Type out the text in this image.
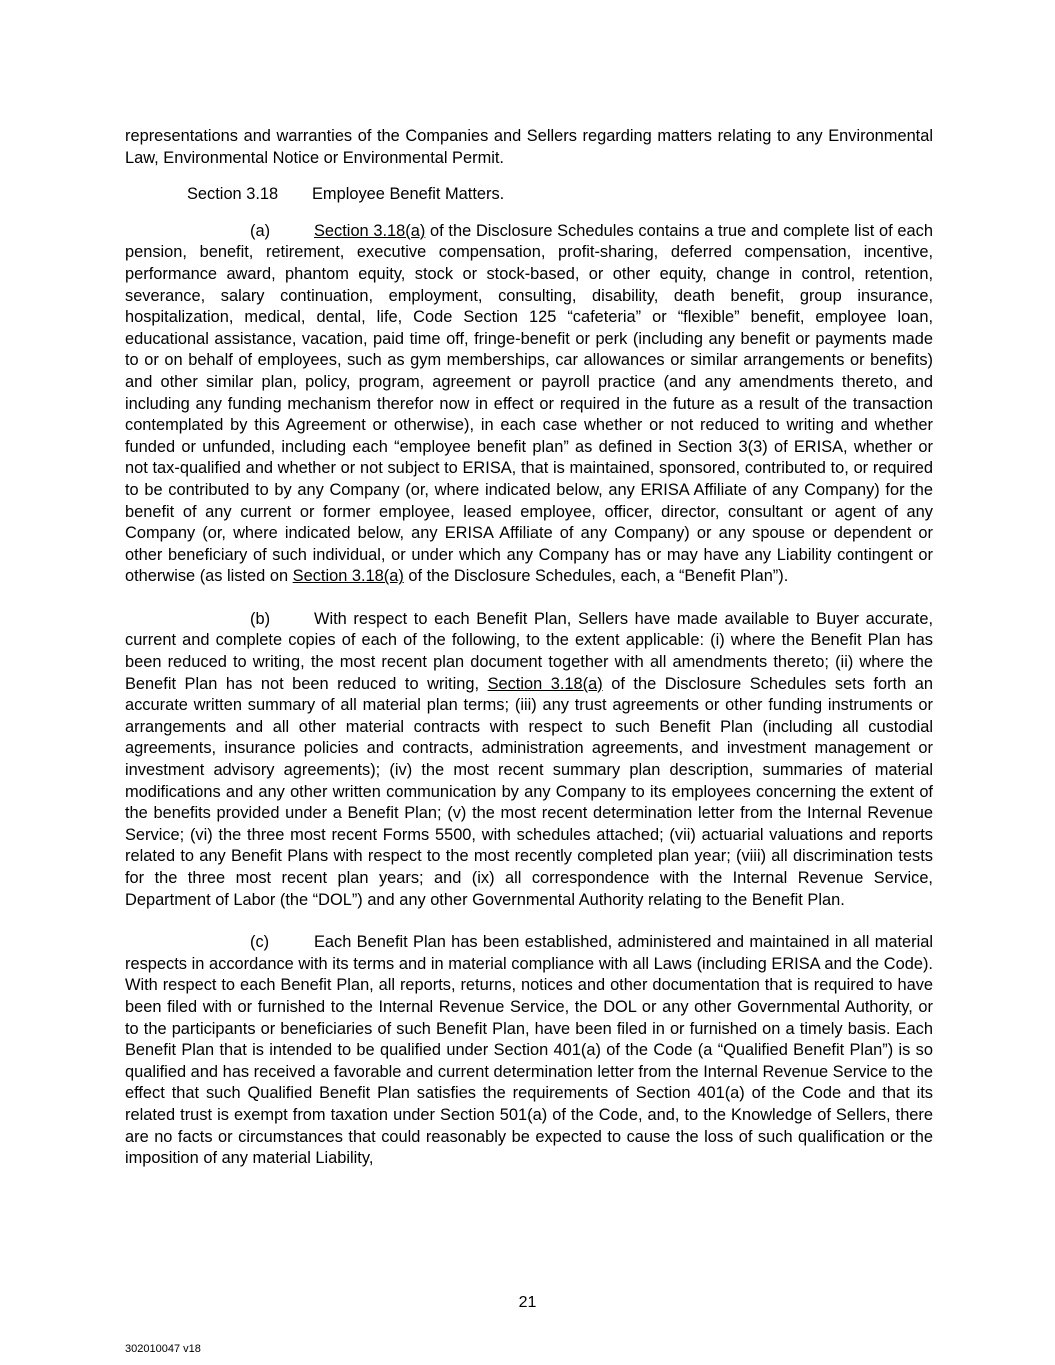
representations and warranties of the Companies and Sellers regarding matters relating to any Environmental Law, Environmental Notice or Environmental Permit.

Section 3.18 Employee Benefit Matters.

(a)	Section 3.18(a) of the Disclosure Schedules contains a true and complete list of each pension, benefit, retirement, executive compensation, profit-sharing, deferred compensation, incentive, performance award, phantom equity, stock or stock-based, or other equity, change in control, retention, severance, salary continuation, employment, consulting, disability, death benefit, group insurance, hospitalization, medical, dental, life, Code Section 125 “cafeteria” or “flexible” benefit, employee loan, educational assistance, vacation, paid time off, fringe-benefit or perk (including any benefit or payments made to or on behalf of employees, such as gym memberships, car allowances or similar arrangements or benefits) and other similar plan, policy, program, agreement or payroll practice (and any amendments thereto, and including any funding mechanism therefor now in effect or required in the future as a result of the transaction contemplated by this Agreement or otherwise), in each case whether or not reduced to writing and whether funded or unfunded, including each “employee benefit plan” as defined in Section 3(3) of ERISA, whether or not tax-qualified and whether or not subject to ERISA, that is maintained, sponsored, contributed to, or required to be contributed to by any Company (or, where indicated below, any ERISA Affiliate of any Company) for the benefit of any current or former employee, leased employee, officer, director, consultant or agent of any Company (or, where indicated below, any ERISA Affiliate of any Company) or any spouse or dependent or other beneficiary of such individual, or under which any Company has or may have any Liability contingent or otherwise (as listed on Section 3.18(a) of the Disclosure Schedules, each, a “Benefit Plan”).

(b)	With respect to each Benefit Plan, Sellers have made available to Buyer accurate, current and complete copies of each of the following, to the extent applicable: (i) where the Benefit Plan has been reduced to writing, the most recent plan document together with all amendments thereto; (ii) where the Benefit Plan has not been reduced to writing, Section 3.18(a) of the Disclosure Schedules sets forth an accurate written summary of all material plan terms; (iii) any trust agreements or other funding instruments or arrangements and all other material contracts with respect to such Benefit Plan (including all custodial agreements, insurance policies and contracts, administration agreements, and investment management or investment advisory agreements); (iv) the most recent summary plan description, summaries of material modifications and any other written communication by any Company to its employees concerning the extent of the benefits provided under a Benefit Plan; (v) the most recent determination letter from the Internal Revenue Service; (vi) the three most recent Forms 5500, with schedules attached; (vii) actuarial valuations and reports related to any Benefit Plans with respect to the most recently completed plan year; (viii) all discrimination tests for the three most recent plan years; and (ix) all correspondence with the Internal Revenue Service, Department of Labor (the “DOL”) and any other Governmental Authority relating to the Benefit Plan.

(c)	Each Benefit Plan has been established, administered and maintained in all material respects in accordance with its terms and in material compliance with all Laws (including ERISA and the Code). With respect to each Benefit Plan, all reports, returns, notices and other documentation that is required to have been filed with or furnished to the Internal Revenue Service, the DOL or any other Governmental Authority, or to the participants or beneficiaries of such Benefit Plan, have been filed in or furnished on a timely basis. Each Benefit Plan that is intended to be qualified under Section 401(a) of the Code (a “Qualified Benefit Plan”) is so qualified and has received a favorable and current determination letter from the Internal Revenue Service to the effect that such Qualified Benefit Plan satisfies the requirements of Section 401(a) of the Code and that its related trust is exempt from taxation under Section 501(a) of the Code, and, to the Knowledge of Sellers, there are no facts or circumstances that could reasonably be expected to cause the loss of such qualification or the imposition of any material Liability,

21
302010047 v18
